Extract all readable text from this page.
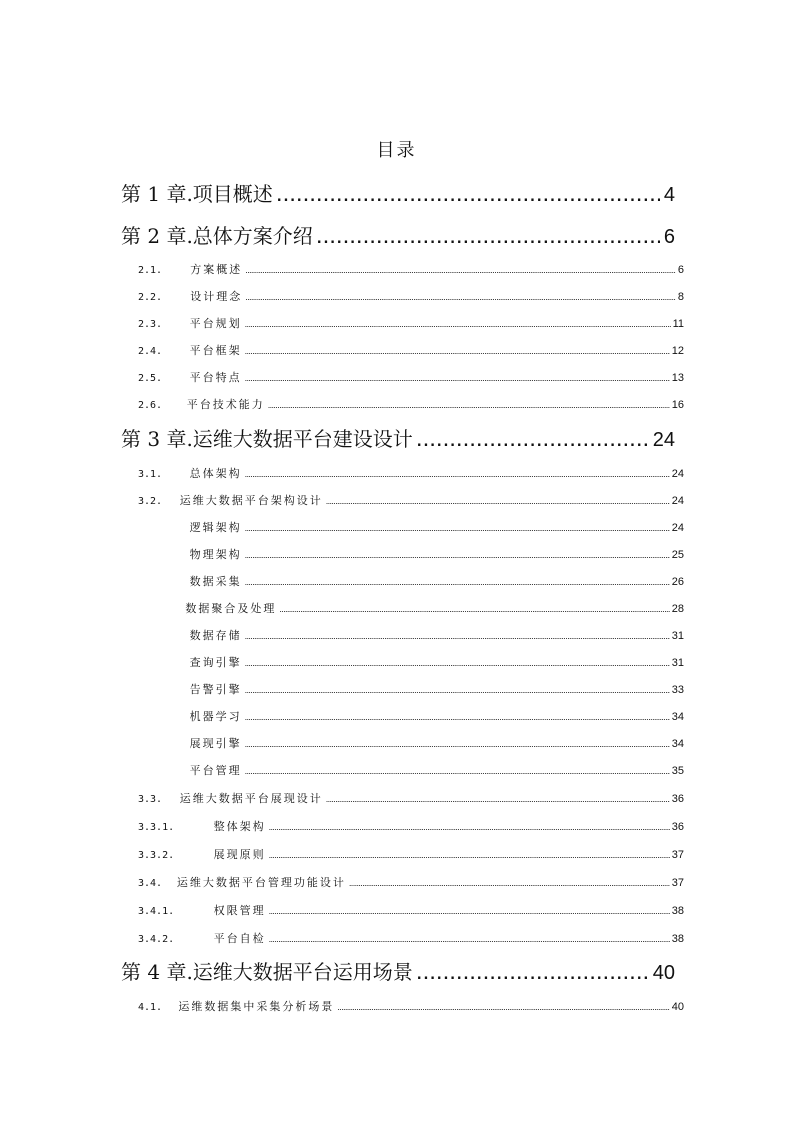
目录
第 1 章. 项目概述 . . .	4
第 2 章. 总体方案介绍 . . .	6
2.1.	方案概述 . . .	6
2.2.	设计理念 . . .	8
2.3.	平台规划 . . .	11
2.4.	平台框架 . . .	12
2.5.	平台特点 . . .	13
2.6.	平台技术能力 . . .	16
第 3 章. 运维大数据平台建设设计 . . .	24
3.1.	总体架构 . . .	24
3.2.	运维大数据平台架构设计 . . .	24
逻辑架构 . . .	24
物理架构 . . .	25
数据采集 . . .	26
数据聚合及处理 . . .	28
数据存储 . . .	31
查询引擎 . . .	31
告警引擎 . . .	33
机器学习 . . .	34
展现引擎 . . .	34
平台管理 . . .	35
3.3.	运维大数据平台展现设计 . . .	36
3.3.1.	整体架构 . . .	36
3.3.2.	展现原则 . . .	37
3.4.	运维大数据平台管理功能设计 . . .	37
3.4.1.	权限管理 . . .	38
3.4.2.	平台自检 . . .	38
第 4 章. 运维大数据平台运用场景 . . .	40
4.1.	运维数据集中采集分析场景 . . .	40
